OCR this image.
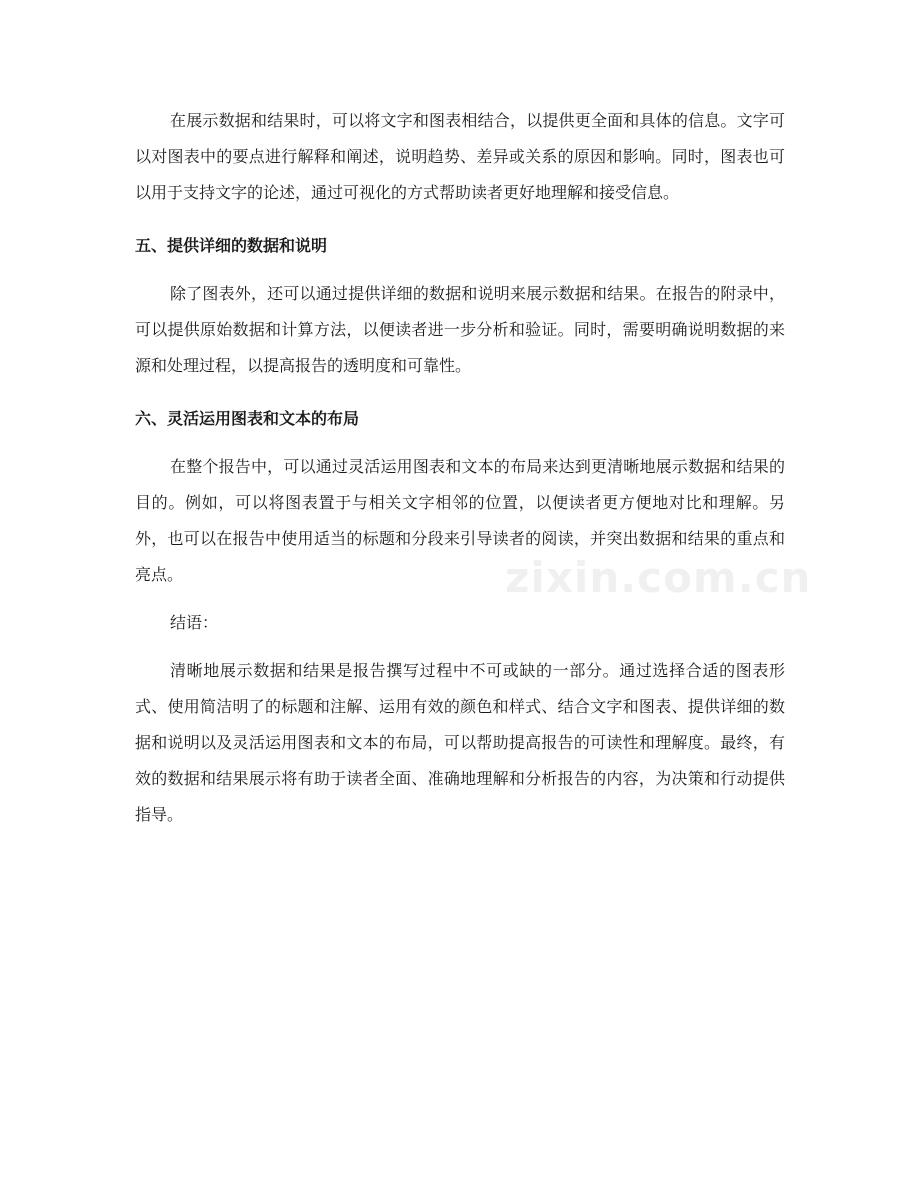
在展示数据和结果时，可以将文字和图表相结合，以提供更全面和具体的信息。文字可以对图表中的要点进行解释和阐述，说明趋势、差异或关系的原因和影响。同时，图表也可以用于支持文字的论述，通过可视化的方式帮助读者更好地理解和接受信息。

五、提供详细的数据和说明

除了图表外，还可以通过提供详细的数据和说明来展示数据和结果。在报告的附录中，可以提供原始数据和计算方法，以便读者进一步分析和验证。同时，需要明确说明数据的来源和处理过程，以提高报告的透明度和可靠性。

六、灵活运用图表和文本的布局

在整个报告中，可以通过灵活运用图表和文本的布局来达到更清晰地展示数据和结果的目的。例如，可以将图表置于与相关文字相邻的位置，以便读者更方便地对比和理解。另外，也可以在报告中使用适当的标题和分段来引导读者的阅读，并突出数据和结果的重点和亮点。

结语：

清晰地展示数据和结果是报告撰写过程中不可或缺的一部分。通过选择合适的图表形式、使用简洁明了的标题和注解、运用有效的颜色和样式、结合文字和图表、提供详细的数据和说明以及灵活运用图表和文本的布局，可以帮助提高报告的可读性和理解度。最终，有效的数据和结果展示将有助于读者全面、准确地理解和分析报告的内容，为决策和行动提供指导。

zixin.com.cn
